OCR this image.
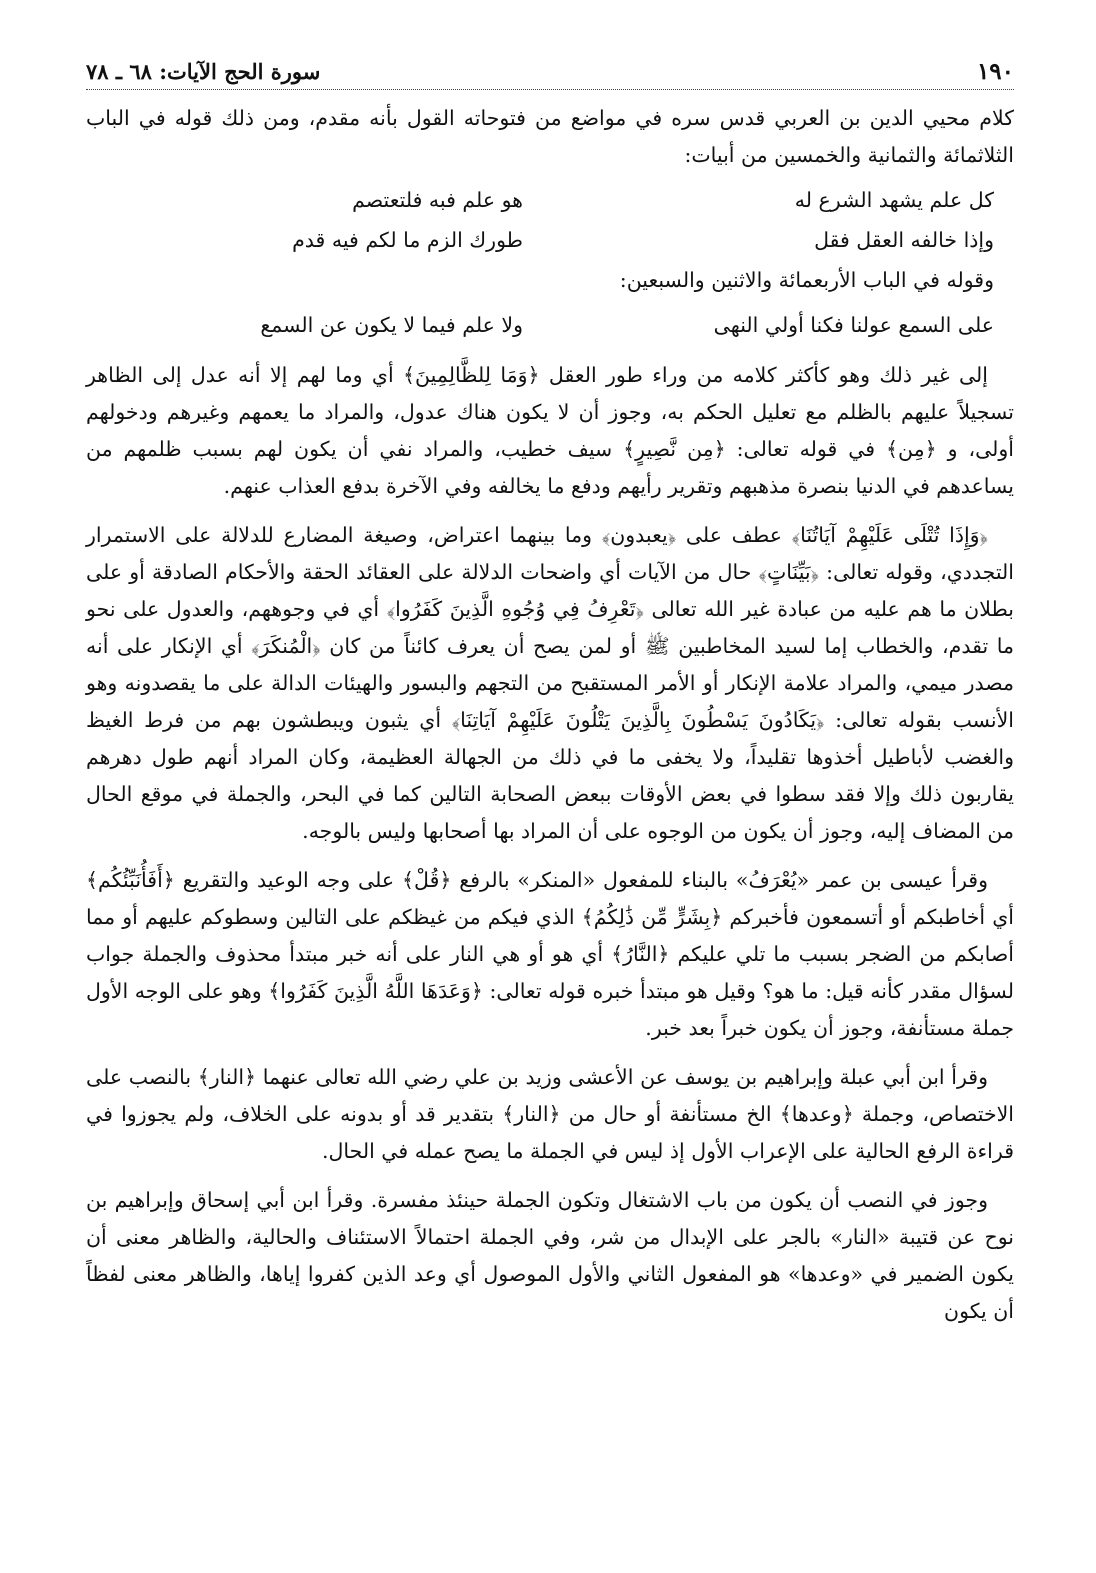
١٩٠
سورة الحج الآيات: ٦٨ ـ ٧٨

كلام محيي الدين بن العربي قدس سره في مواضع من فتوحاته القول بأنه مقدم، ومن ذلك قوله في الباب الثلاثمائة والثمانية والخمسين من أبيات:

كل علم يشهد الشرع له
هو علم فبه فلتعتصم
وإذا خالفه العقل فقل
طورك الزم ما لكم فيه قدم

وقوله في الباب الأربعمائة والاثنين والسبعين:

على السمع عولنا فكنا أولي النهى
ولا علم فيما لا يكون عن السمع

إلى غير ذلك وهو كأكثر كلامه من وراء طور العقل ﴿وَمَا لِلظَّالِمِينَ﴾ أي وما لهم إلا أنه عدل إلى الظاهر تسجيلاً عليهم بالظلم مع تعليل الحكم به، وجوز أن لا يكون هناك عدول، والمراد ما يعمهم وغيرهم ودخولهم أولى، و ﴿مِن﴾ في قوله تعالى: ﴿مِن نَّصِيرٍ﴾ سيف خطيب، والمراد نفي أن يكون لهم بسبب ظلمهم من يساعدهم في الدنيا بنصرة مذهبهم وتقرير رأيهم ودفع ما يخالفه وفي الآخرة بدفع العذاب عنهم.

﴿وَإِذَا تُتْلَى عَلَيْهِمْ آيَاتُنَا﴾ عطف على ﴿يعبدون﴾ وما بينهما اعتراض، وصيغة المضارع للدلالة على الاستمرار التجددي، وقوله تعالى: ﴿بَيِّنَاتٍ﴾ حال من الآيات أي واضحات الدلالة على العقائد الحقة والأحكام الصادقة أو على بطلان ما هم عليه من عبادة غير الله تعالى ﴿تَعْرِفُ فِي وُجُوهِ الَّذِينَ كَفَرُوا﴾ أي في وجوههم، والعدول على نحو ما تقدم، والخطاب إما لسيد المخاطبين ﷺ أو لمن يصح أن يعرف كائناً من كان ﴿الْمُنكَرَ﴾ أي الإنكار على أنه مصدر ميمي، والمراد علامة الإنكار أو الأمر المستقبح من التجهم والبسور والهيئات الدالة على ما يقصدونه وهو الأنسب بقوله تعالى: ﴿يَكَادُونَ يَسْطُونَ بِالَّذِينَ يَتْلُونَ عَلَيْهِمْ آيَاتِنَا﴾ أي يثبون ويبطشون بهم من فرط الغيظ والغضب لأباطيل أخذوها تقليداً، ولا يخفى ما في ذلك من الجهالة العظيمة، وكان المراد أنهم طول دهرهم يقاربون ذلك وإلا فقد سطوا في بعض الأوقات ببعض الصحابة التالين كما في البحر، والجملة في موقع الحال من المضاف إليه، وجوز أن يكون من الوجوه على أن المراد بها أصحابها وليس بالوجه.

وقرأ عيسى بن عمر «يُعْرَفُ» بالبناء للمفعول «المنكر» بالرفع ﴿قُلْ﴾ على وجه الوعيد والتقريع ﴿أَفَأُنَبِّئُكُم﴾ أي أخاطبكم أو أتسمعون فأخبركم ﴿بِشَرٍّ مِّن ذَٰلِكُمُ﴾ الذي فيكم من غيظكم على التالين وسطوكم عليهم أو مما أصابكم من الضجر بسبب ما تلي عليكم ﴿النَّارُ﴾ أي هو أو هي النار على أنه خبر مبتدأ محذوف والجملة جواب لسؤال مقدر كأنه قيل: ما هو؟ وقيل هو مبتدأ خبره قوله تعالى: ﴿وَعَدَهَا اللَّهُ الَّذِينَ كَفَرُوا﴾ وهو على الوجه الأول جملة مستأنفة، وجوز أن يكون خبراً بعد خبر.

وقرأ ابن أبي عبلة وإبراهيم بن يوسف عن الأعشى وزيد بن علي رضي الله تعالى عنهما ﴿النار﴾ بالنصب على الاختصاص، وجملة ﴿وعدها﴾ الخ مستأنفة أو حال من ﴿النار﴾ بتقدير قد أو بدونه على الخلاف، ولم يجوزوا في قراءة الرفع الحالية على الإعراب الأول إذ ليس في الجملة ما يصح عمله في الحال.

وجوز في النصب أن يكون من باب الاشتغال وتكون الجملة حينئذ مفسرة. وقرأ ابن أبي إسحاق وإبراهيم بن نوح عن قتيبة «النار» بالجر على الإبدال من شر، وفي الجملة احتمالاً الاستئناف والحالية، والظاهر معنى أن يكون الضمير في «وعدها» هو المفعول الثاني والأول الموصول أي وعد الذين كفروا إياها، والظاهر معنى لفظاً أن يكون
